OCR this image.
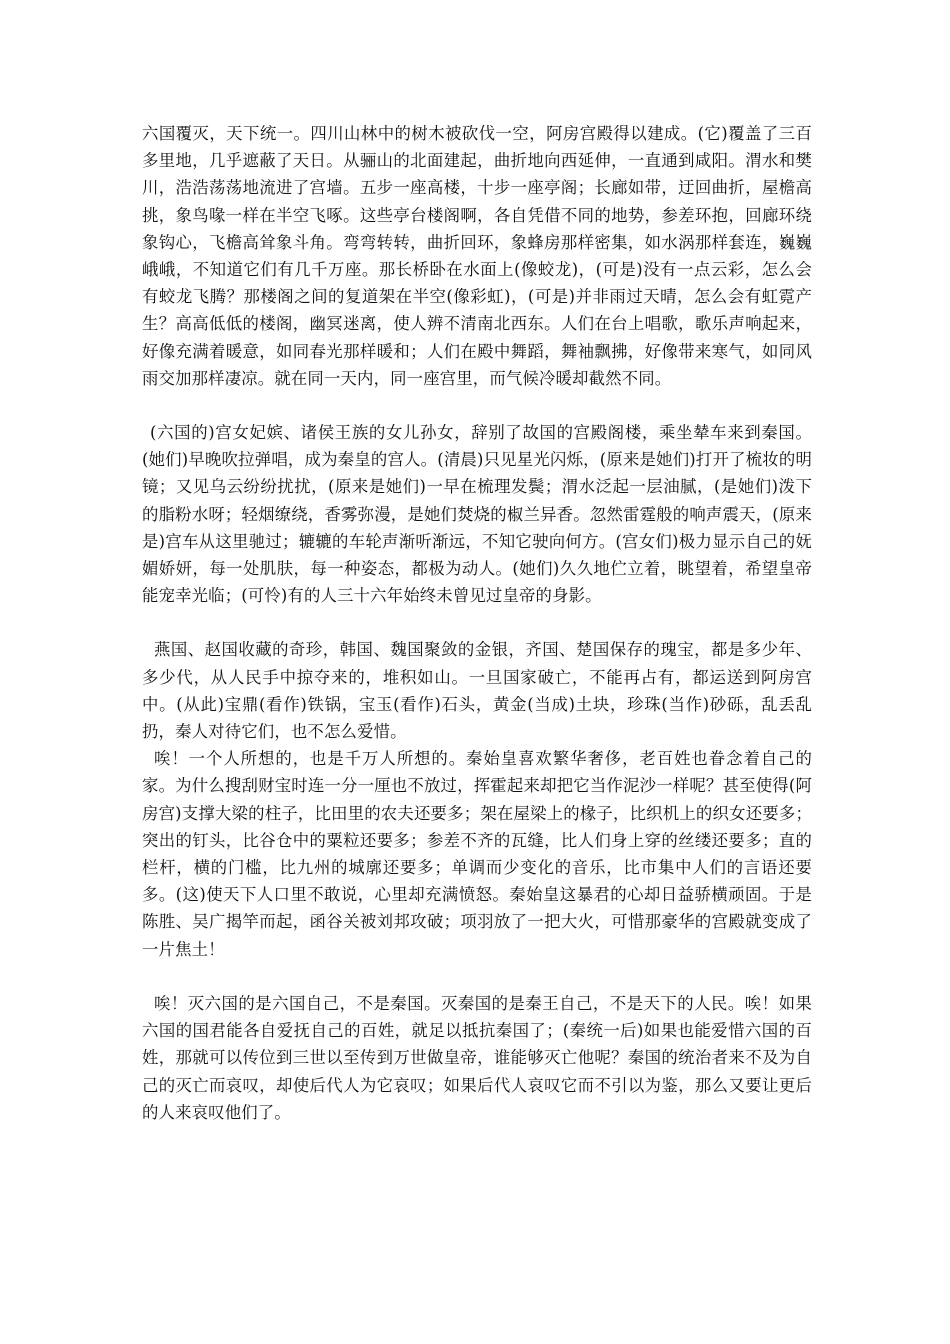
六国覆灭，天下统一。四川山林中的树木被砍伐一空，阿房宫殿得以建成。(它)覆盖了三百多里地，几乎遮蔽了天日。从骊山的北面建起，曲折地向西延伸，一直通到咸阳。渭水和樊川，浩浩荡荡地流进了宫墙。五步一座高楼，十步一座亭阁；长廊如带，迂回曲折，屋檐高挑，象鸟喙一样在半空飞啄。这些亭台楼阁啊，各自凭借不同的地势，参差环抱，回廊环绕象钩心，飞檐高耸象斗角。弯弯转转，曲折回环，象蜂房那样密集，如水涡那样套连，巍巍峨峨，不知道它们有几千万座。那长桥卧在水面上(像蛟龙)，(可是)没有一点云彩，怎么会有蛟龙飞腾？那楼阁之间的复道架在半空(像彩虹)，(可是)并非雨过天晴，怎么会有虹霓产生？高高低低的楼阁，幽冥迷离，使人辨不清南北西东。人们在台上唱歌，歌乐声响起来，好像充满着暖意，如同春光那样暖和；人们在殿中舞蹈，舞袖飘拂，好像带来寒气，如同风雨交加那样凄凉。就在同一天内，同一座宫里，而气候冷暖却截然不同。

(六国的)宫女妃嫔、诸侯王族的女儿孙女，辞别了故国的宫殿阁楼，乘坐辇车来到秦国。(她们)早晚吹拉弹唱，成为秦皇的宫人。(清晨)只见星光闪烁，(原来是她们)打开了梳妆的明镜；又见乌云纷纷扰扰，(原来是她们)一早在梳理发鬓；渭水泛起一层油腻，(是她们)泼下的脂粉水呀；轻烟缭绕，香雾弥漫，是她们焚烧的椒兰异香。忽然雷霆般的响声震天，(原来是)宫车从这里驰过；辘辘的车轮声渐听渐远，不知它驶向何方。(宫女们)极力显示自己的妩媚娇妍，每一处肌肤，每一种姿态，都极为动人。(她们)久久地伫立着，眺望着，希望皇帝能宠幸光临；(可怜)有的人三十六年始终未曾见过皇帝的身影。

燕国、赵国收藏的奇珍，韩国、魏国聚敛的金银，齐国、楚国保存的瑰宝，都是多少年、多少代，从人民手中掠夺来的，堆积如山。一旦国家破亡，不能再占有，都运送到阿房宫中。(从此)宝鼎(看作)铁锅，宝玉(看作)石头，黄金(当成)土块，珍珠(当作)砂砾，乱丢乱扔，秦人对待它们，也不怎么爱惜。

唉！一个人所想的，也是千万人所想的。秦始皇喜欢繁华奢侈，老百姓也眷念着自己的家。为什么搜刮财宝时连一分一厘也不放过，挥霍起来却把它当作泥沙一样呢？甚至使得(阿房宫)支撑大梁的柱子，比田里的农夫还要多；架在屋梁上的椽子，比织机上的织女还要多；突出的钉头，比谷仓中的粟粒还要多；参差不齐的瓦缝，比人们身上穿的丝缕还要多；直的栏杆，横的门槛，比九州的城廓还要多；单调而少变化的音乐，比市集中人们的言语还要多。(这)使天下人口里不敢说，心里却充满愤怒。秦始皇这暴君的心却日益骄横顽固。于是陈胜、吴广揭竿而起，函谷关被刘邦攻破；项羽放了一把大火，可惜那豪华的宫殿就变成了一片焦土！

唉！灭六国的是六国自己，不是秦国。灭秦国的是秦王自己，不是天下的人民。唉！如果六国的国君能各自爱抚自己的百姓，就足以抵抗秦国了；(秦统一后)如果也能爱惜六国的百姓，那就可以传位到三世以至传到万世做皇帝，谁能够灭亡他呢？秦国的统治者来不及为自己的灭亡而哀叹，却使后代人为它哀叹；如果后代人哀叹它而不引以为鉴，那么又要让更后的人来哀叹他们了。
